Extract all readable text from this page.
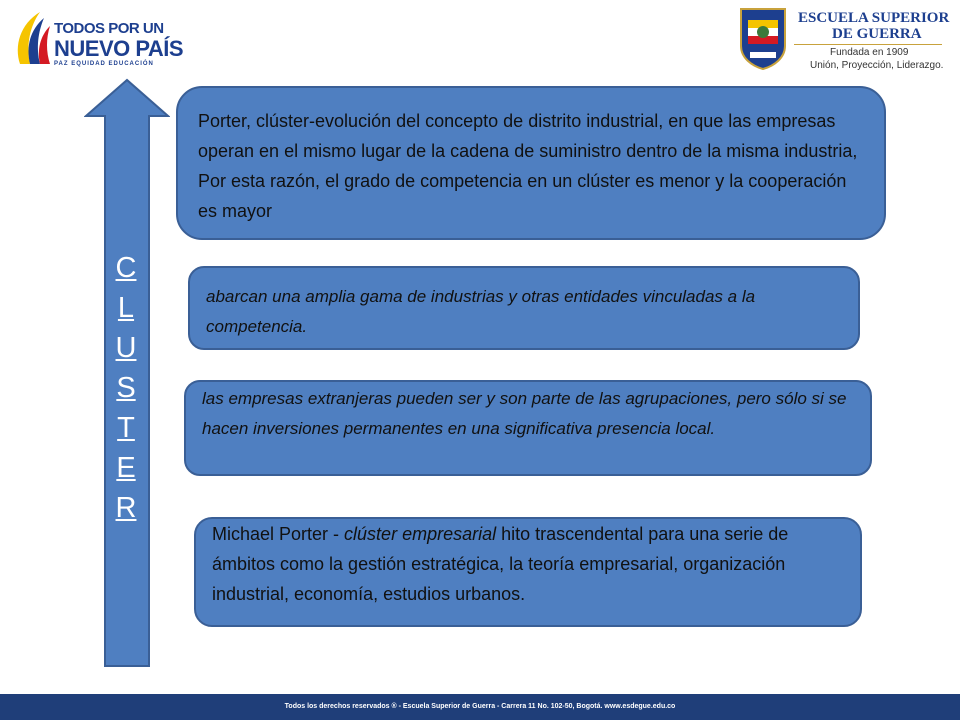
TODOS POR UN
NUEVO PAÍS
PAZ EQUIDAD EDUCACIÓN
ESCUELA SUPERIOR
DE GUERRA
Fundada en 1909
Unión, Proyección, Liderazgo.
C
L
U
S
T
E
R
Porter, clúster-evolución del concepto de distrito industrial, en que las empresas operan en el mismo lugar de la cadena de suministro dentro de la misma industria, Por esta razón, el grado de competencia en un clúster es menor y la cooperación es mayor
abarcan una amplia gama de industrias y otras entidades vinculadas a la competencia.
las empresas extranjeras pueden ser y son parte de las agrupaciones, pero sólo si se hacen inversiones permanentes en una significativa presencia local.
Michael Porter - clúster empresarial hito trascendental para una serie de ámbitos como la gestión estratégica, la teoría empresarial, organización industrial, economía, estudios urbanos.
Todos los derechos reservados ® - Escuela Superior de Guerra - Carrera 11 No. 102-50, Bogotá. www.esdegue.edu.co
